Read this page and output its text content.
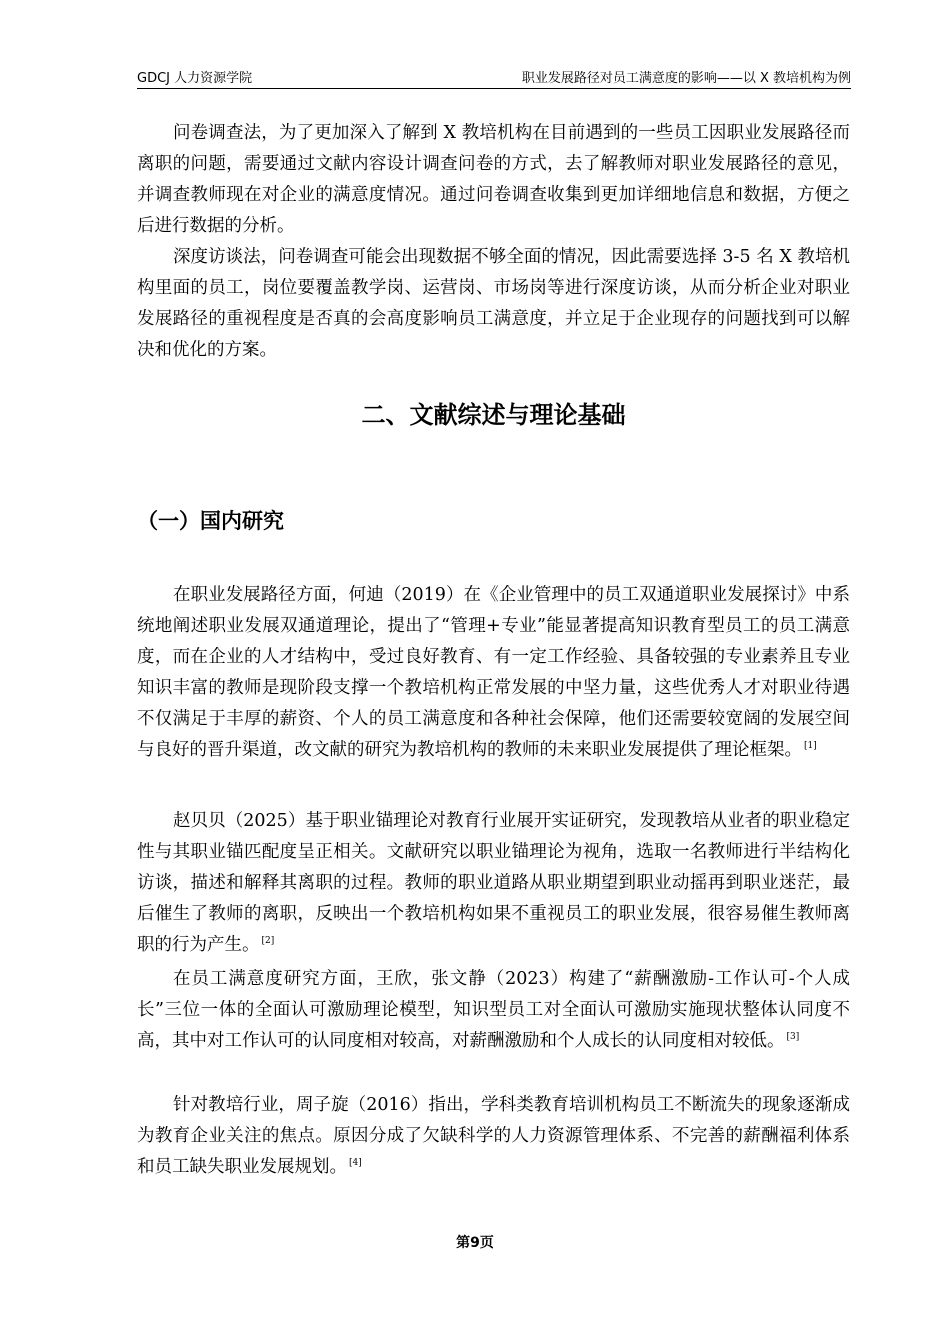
GDCJ 人力资源学院	职业发展路径对员工满意度的影响——以 X 教培机构为例

问卷调查法，为了更加深入了解到 X 教培机构在目前遇到的一些员工因职业发展路径而离职的问题，需要通过文献内容设计调查问卷的方式，去了解教师对职业发展路径的意见，并调查教师现在对企业的满意度情况。通过问卷调查收集到更加详细地信息和数据，方便之后进行数据的分析。

深度访谈法，问卷调查可能会出现数据不够全面的情况，因此需要选择 3-5 名 X 教培机构里面的员工，岗位要覆盖教学岗、运营岗、市场岗等进行深度访谈，从而分析企业对职业发展路径的重视程度是否真的会高度影响员工满意度，并立足于企业现存的问题找到可以解决和优化的方案。

二、文献综述与理论基础
（一）国内研究

在职业发展路径方面，何迪（2019）在《企业管理中的员工双通道职业发展探讨》中系统地阐述职业发展双通道理论，提出了“管理+专业”能显著提高知识教育型员工的员工满意度，而在企业的人才结构中，受过良好教育、有一定工作经验、具备较强的专业素养且专业知识丰富的教师是现阶段支撑一个教培机构正常发展的中坚力量，这些优秀人才对职业待遇不仅满足于丰厚的薪资、个人的员工满意度和各种社会保障，他们还需要较宽阔的发展空间与良好的晋升渠道，改文献的研究为教培机构的教师的未来职业发展提供了理论框架。 [1]

赵贝贝（2025）基于职业锚理论对教育行业展开实证研究，发现教培从业者的职业稳定性与其职业锚匹配度呈正相关。文献研究以职业锚理论为视角，选取一名教师进行半结构化访谈，描述和解释其离职的过程。教师的职业道路从职业期望到职业动摇再到职业迷茫，最后催生了教师的离职，反映出一个教培机构如果不重视员工的职业发展，很容易催生教师离职的行为产生。 [2]

在员工满意度研究方面，王欣，张文静（2023）构建了“薪酬激励-工作认可-个人成长”三位一体的全面认可激励理论模型，知识型员工对全面认可激励实施现状整体认同度不高，其中对工作认可的认同度相对较高，对薪酬激励和个人成长的认同度相对较低。 [3]

针对教培行业，周子旋（2016）指出，学科类教育培训机构员工不断流失的现象逐渐成为教育企业关注的焦点。原因分成了欠缺科学的人力资源管理体系、不完善的薪酬福利体系和员工缺失职业发展规划。 [4]

第9页
